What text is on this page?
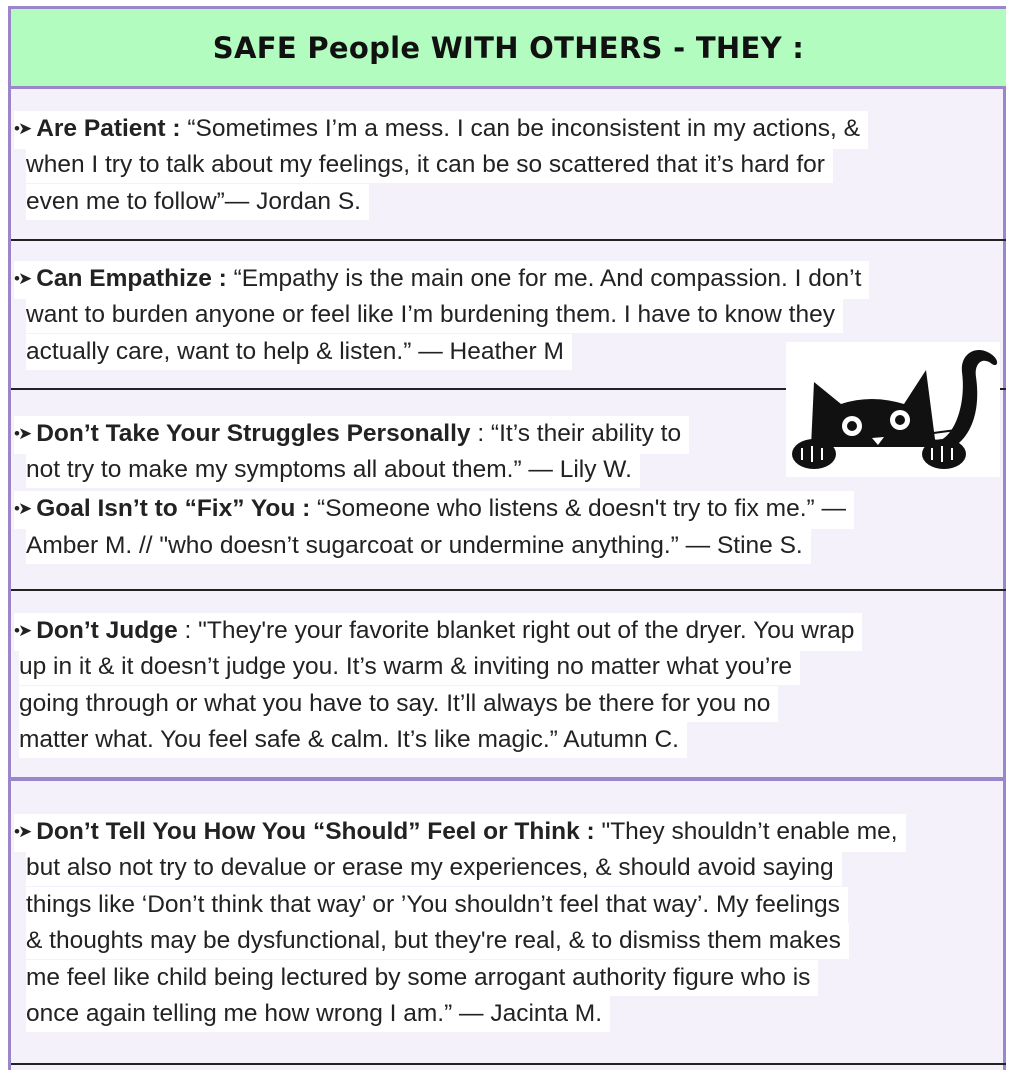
SAFE People WITH OTHERS - THEY :
•➤ Are Patient : “Sometimes I’m a mess. I can be inconsistent in my actions, &
when I try to talk about my feelings, it can be so scattered that it’s hard for
even me to follow”— Jordan S.
•➤ Can Empathize : “Empathy is the main one for me. And compassion. I don’t
want to burden anyone or feel like I’m burdening them. I have to know they
actually care, want to help & listen.” — Heather M
•➤ Don’t Take Your Struggles Personally : “It’s their ability to
not try to make my symptoms all about them.” — Lily W.
•➤ Goal Isn’t to “Fix” You : “Someone who listens & doesn't try to fix me.” —
Amber M. // "who doesn’t sugarcoat or undermine anything.” — Stine S.
•➤ Don’t Judge : "They're your favorite blanket right out of the dryer. You wrap
up in it & it doesn’t judge you. It’s warm & inviting no matter what you’re
going through or what you have to say. It’ll always be there for you no
matter what. You feel safe & calm. It’s like magic.” Autumn C.
•➤ Don’t Tell You How You “Should” Feel or Think : "They shouldn’t enable me,
but also not try to devalue or erase my experiences, & should avoid saying
things like ‘Don’t think that way’ or ’You shouldn’t feel that way’. My feelings
& thoughts may be dysfunctional, but they're real, & to dismiss them makes
me feel like child being lectured by some arrogant authority figure who is
once again telling me how wrong I am.” — Jacinta M.
